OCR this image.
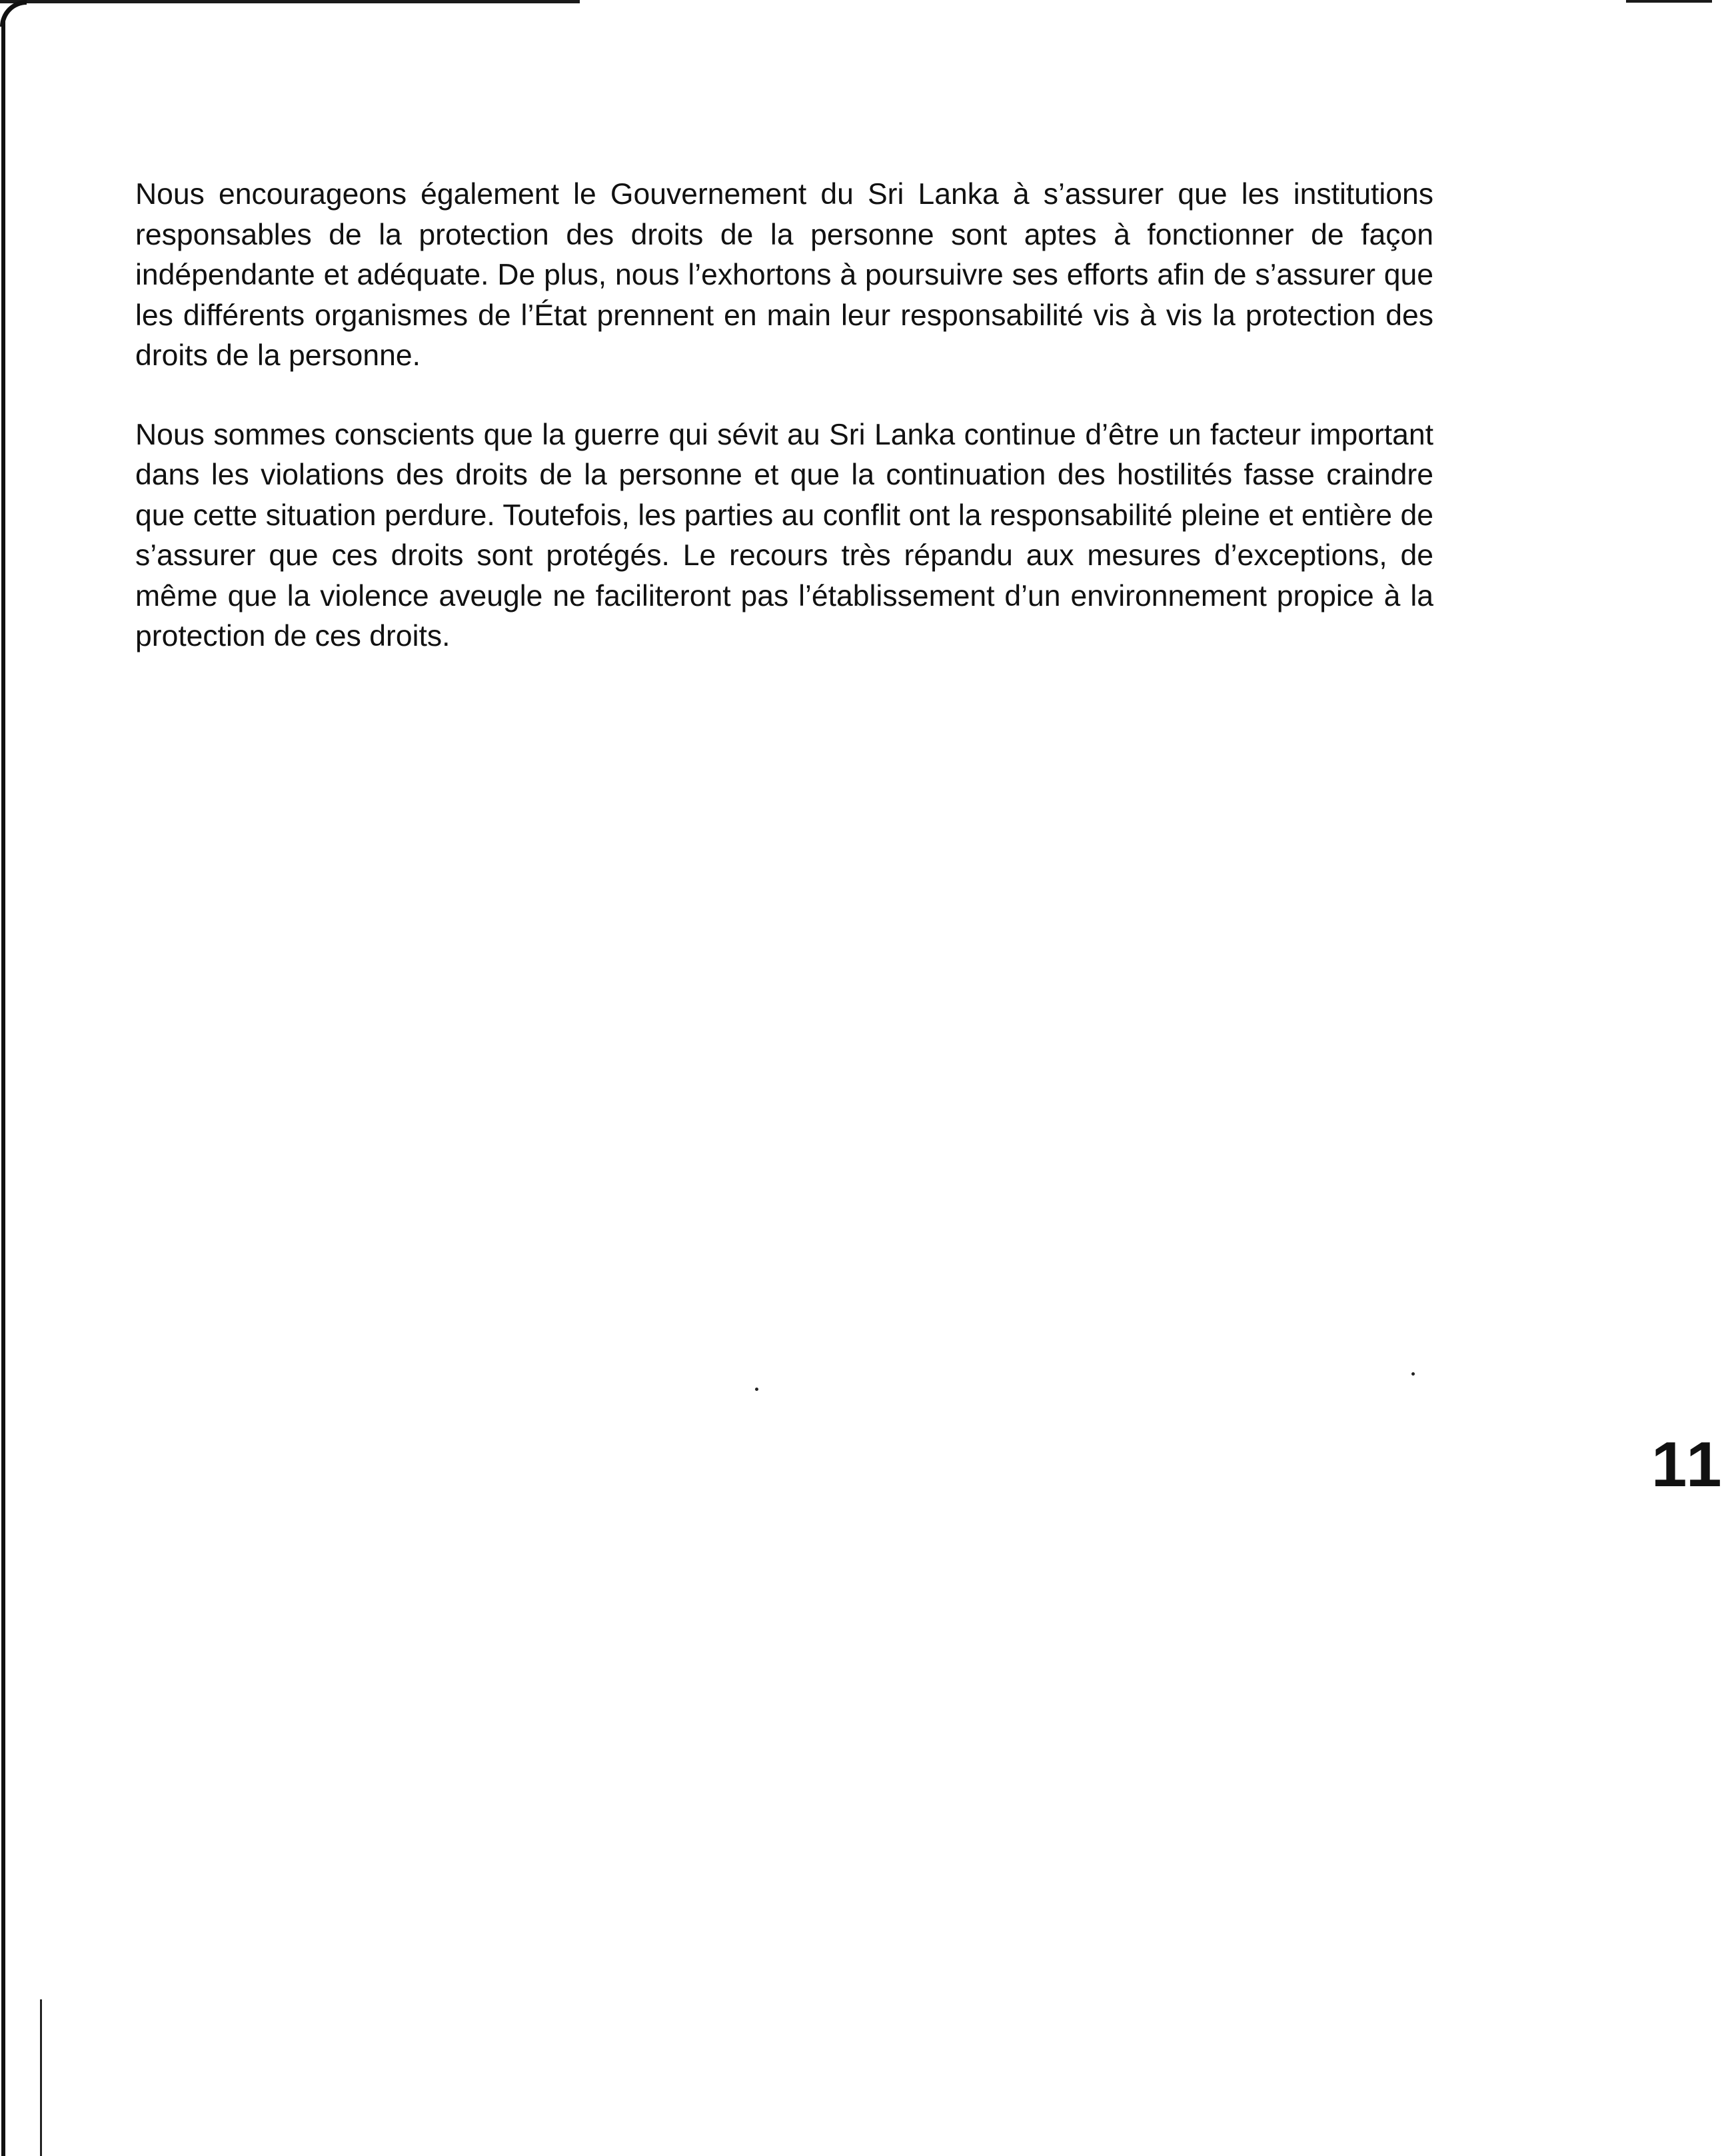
Nous encourageons également le Gouvernement du Sri Lanka à s’assurer que les institutions responsables de la protection des droits de la personne sont aptes à fonctionner de façon indépendante et adéquate. De plus, nous l’exhortons à poursuivre ses efforts afin de s’assurer que les différents organismes de l’État prennent en main leur responsabilité vis à vis la protection des droits de la personne.

Nous sommes conscients que la guerre qui sévit au Sri Lanka continue d’être un facteur important dans les violations des droits de la personne et que la continuation des hostilités fasse craindre que cette situation perdure. Toutefois, les parties au conflit ont la responsabilité pleine et entière de s’assurer que ces droits sont protégés. Le recours très répandu aux mesures d’exceptions, de même que la violence aveugle ne faciliteront pas l’établissement d’un environnement propice à la protection de ces droits.

11
